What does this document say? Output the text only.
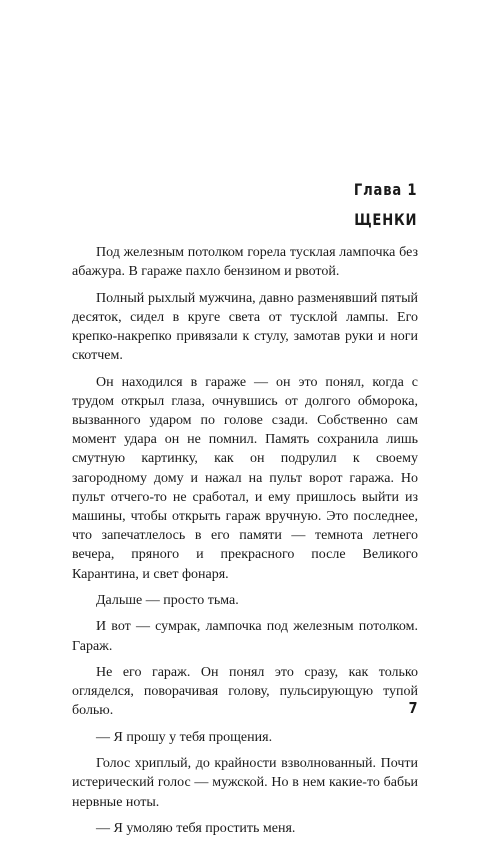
Глава 1
ЩЕНКИ

Под железным потолком горела тусклая лампочка без абажура. В гараже пахло бензином и рвотой.

Полный рыхлый мужчина, давно разменявший пятый десяток, сидел в круге света от тусклой лампы. Его крепко-накрепко привязали к стулу, замотав руки и ноги скотчем.

Он находился в гараже — он это понял, когда с трудом открыл глаза, очнувшись от долгого обморока, вызванного ударом по голове сзади. Собственно сам момент удара он не помнил. Память сохранила лишь смутную картинку, как он подрулил к своему загородному дому и нажал на пульт ворот гаража. Но пульт отчего-то не сработал, и ему пришлось выйти из машины, чтобы открыть гараж вручную. Это последнее, что запечатлелось в его памяти — темнота летнего вечера, пряного и прекрасного после Великого Карантина, и свет фонаря.

Дальше — просто тьма.

И вот — сумрак, лампочка под железным потолком. Гараж.

Не его гараж. Он понял это сразу, как только огляделся, поворачивая голову, пульсирующую тупой болью.

— Я прошу у тебя прощения.

Голос хриплый, до крайности взволнованный. Почти истерический голос — мужской. Но в нем какие-то бабьи нервные ноты.

— Я умоляю тебя простить меня.

7
